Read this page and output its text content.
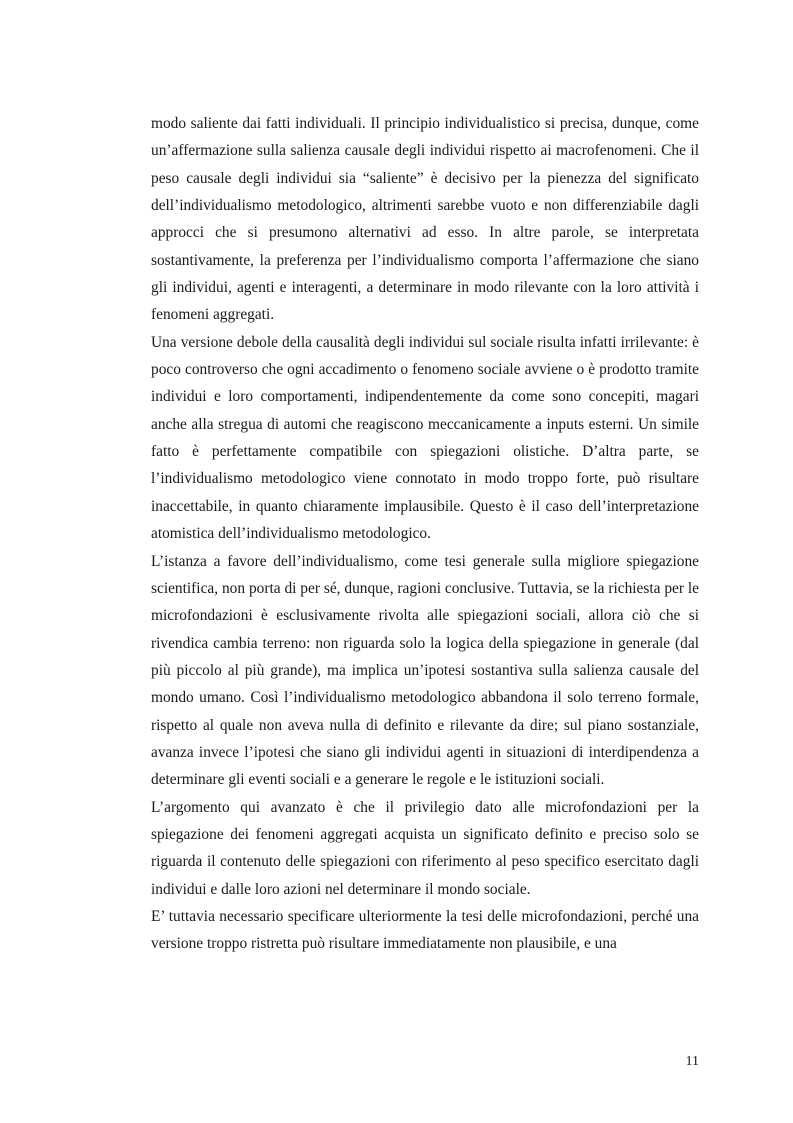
modo saliente dai fatti individuali. Il principio individualistico si precisa, dunque, come un’affermazione sulla salienza causale degli individui rispetto ai macrofenomeni. Che il peso causale degli individui sia “saliente” è decisivo per la pienezza del significato dell’individualismo metodologico, altrimenti sarebbe vuoto e non differenziabile dagli approcci che si presumono alternativi ad esso. In altre parole, se interpretata sostantivamente, la preferenza per l’individualismo comporta l’affermazione che siano gli individui, agenti e interagenti, a determinare in modo rilevante con la loro attività i fenomeni aggregati.

Una versione debole della causalità degli individui sul sociale risulta infatti irrilevante: è poco controverso che ogni accadimento o fenomeno sociale avviene o è prodotto tramite individui e loro comportamenti, indipendentemente da come sono concepiti, magari anche alla stregua di automi che reagiscono meccanicamente a inputs esterni. Un simile fatto è perfettamente compatibile con spiegazioni olistiche. D’altra parte, se l’individualismo metodologico viene connotato in modo troppo forte, può risultare inaccettabile, in quanto chiaramente implausibile. Questo è il caso dell’interpretazione atomistica dell’individualismo metodologico.

L’istanza a favore dell’individualismo, come tesi generale sulla migliore spiegazione scientifica, non porta di per sé, dunque, ragioni conclusive. Tuttavia, se la richiesta per le microfondazioni è esclusivamente rivolta alle spiegazioni sociali, allora ciò che si rivendica cambia terreno: non riguarda solo la logica della spiegazione in generale (dal più piccolo al più grande), ma implica un’ipotesi sostantiva sulla salienza causale del mondo umano. Così l’individualismo metodologico abbandona il solo terreno formale, rispetto al quale non aveva nulla di definito e rilevante da dire; sul piano sostanziale, avanza invece l’ipotesi che siano gli individui agenti in situazioni di interdipendenza a determinare gli eventi sociali e a generare le regole e le istituzioni sociali.

L’argomento qui avanzato è che il privilegio dato alle microfondazioni per la spiegazione dei fenomeni aggregati acquista un significato definito e preciso solo se riguarda il contenuto delle spiegazioni con riferimento al peso specifico esercitato dagli individui e dalle loro azioni nel determinare il mondo sociale.

E’ tuttavia necessario specificare ulteriormente la tesi delle microfondazioni, perché una versione troppo ristretta può risultare immediatamente non plausibile, e una

11
